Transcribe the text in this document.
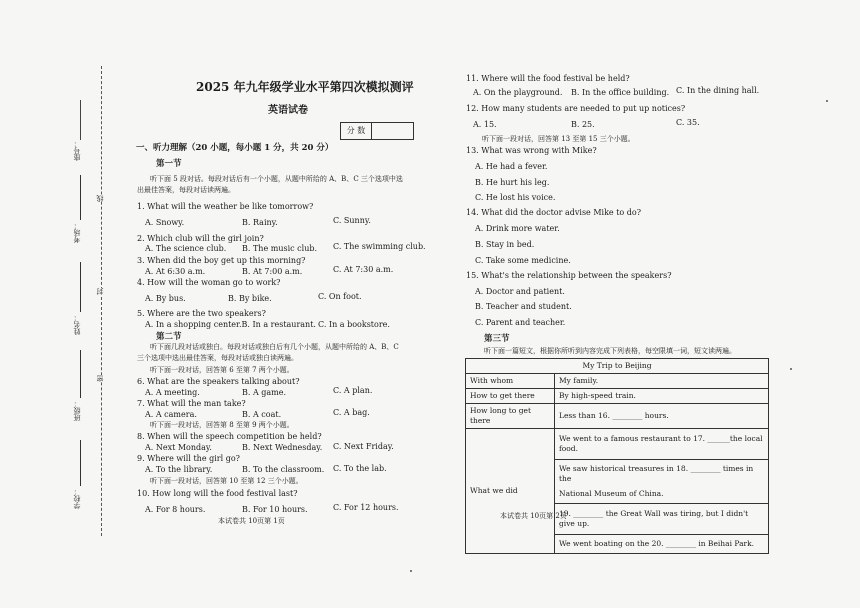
座号：
考场：
姓名：
班级：
学校：
线
封
密
2025 年九年级学业水平第四次模拟测评
英语试卷
分 数
一、听力理解（20 小题，每小题 1 分，共 20 分）
第一节
听下面 5 段对话。每段对话后有一个小题，从题中所给的 A、B、C 三个选项中选
出最佳答案，每段对话读两遍。
1. What will the weather be like tomorrow?
A. Snowy.	B. Rainy.	C. Sunny.
2. Which club will the girl join?
A. The science club. B. The music club. C. The swimming club.
3. When did the boy get up this morning?
A. At 6:30 a.m.	B. At 7:00 a.m.	C. At 7:30 a.m.
4. How will the woman go to work?
A. By bus.	B. By bike.	C. On foot.
5. Where are the two speakers?
A. In a shopping center.B. In a restaurant. C. In a bookstore.
第二节
听下面几段对话或独白。每段对话或独白后有几个小题，从题中所给的 A、B、C
三个选项中选出最佳答案，每段对话或独白读两遍。
听下面一段对话，回答第 6 至第 7 两个小题。
6. What are the speakers talking about?
A. A meeting.	B. A game.	C. A plan.
7. What will the man take?
A. A camera.	B. A coat.	C. A bag.
听下面一段对话，回答第 8 至第 9 两个小题。
8. When will the speech competition be held?
A. Next Monday.	B. Next Wednesday. C. Next Friday.
9. Where will the girl go?
A. To the library.	B. To the classroom. C. To the lab.
听下面一段对话，回答第 10 至第 12 三个小题。
10. How long will the food festival last?
A. For 8 hours.	B. For 10 hours.	C. For 12 hours.
本试卷共 10页第 1页
11. Where will the food festival be held?
A. On the playground. B. In the office building. C. In the dining hall.
12. How many students are needed to put up notices?
A. 15.	B. 25.	C. 35.
听下面一段对话，回答第 13 至第 15 三个小题。
13. What was wrong with Mike?
A. He had a fever.
B. He hurt his leg.
C. He lost his voice.
14. What did the doctor advise Mike to do?
A. Drink more water.
B. Stay in bed.
C. Take some medicine.
15. What's the relationship between the speakers?
A. Doctor and patient.
B. Teacher and student.
C. Parent and teacher.
第三节
听下面一篇短文，根据你所听到内容完成下列表格，每空限填一词，短文读两遍。
My Trip to Beijing	
With whom	My family.
How to get there	By high-speed train.
How long to get there	Less than 16. ________ hours.
What we did	We went to a famous restaurant to 17. ______the local food.

	We saw historical treasures in 18. ________ times in the
National Museum of China.

	19. ________ the Great Wall was tiring, but I didn't give up.
	We went boating on the 20. ________ in Beihai Park.
本试卷共 10页第 2页
